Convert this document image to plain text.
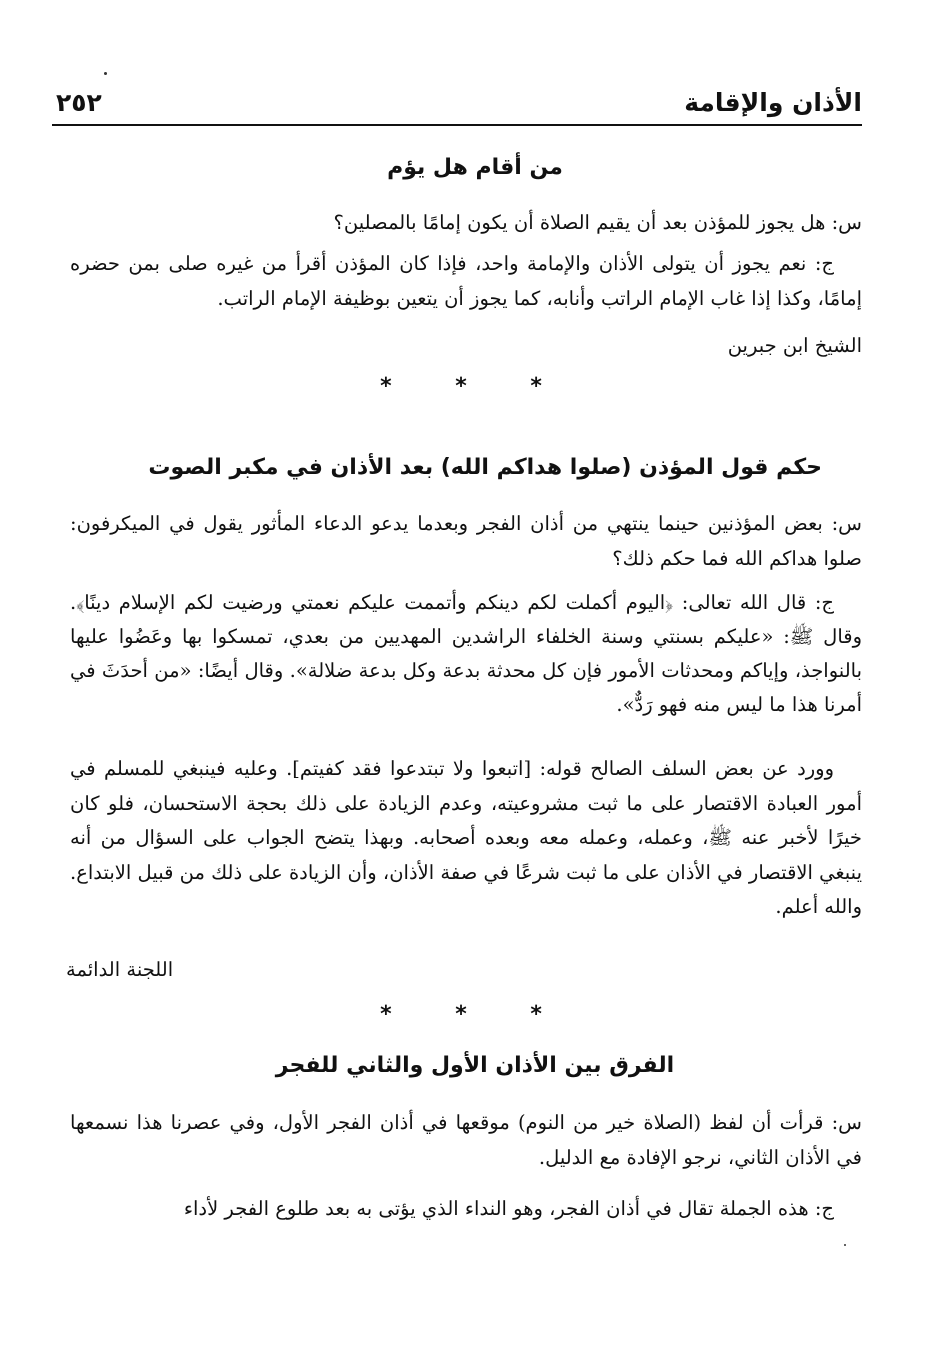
الأذان والإقامة
٢٥٢
من أقام هل يؤم
س: هل يجوز للمؤذن بعد أن يقيم الصلاة أن يكون إمامًا بالمصلين؟
ج: نعم يجوز أن يتولى الأذان والإمامة واحد، فإذا كان المؤذن أقرأ من غيره صلى بمن حضره إمامًا، وكذا إذا غاب الإمام الراتب وأنابه، كما يجوز أن يتعين بوظيفة الإمام الراتب.
الشيخ ابن جبرين
* * *
حكم قول المؤذن (صلوا هداكم الله) بعد الأذان في مكبر الصوت
س: بعض المؤذنين حينما ينتهي من أذان الفجر وبعدما يدعو الدعاء المأثور يقول في الميكرفون: صلوا هداكم الله فما حكم ذلك؟
ج: قال الله تعالى: ﴿اليوم أكملت لكم دينكم وأتممت عليكم نعمتي ورضيت لكم الإسلام دينًا﴾. وقال ﷺ: «عليكم بسنتي وسنة الخلفاء الراشدين المهديين من بعدي، تمسكوا بها وعَضُوا عليها بالنواجذ، وإياكم ومحدثات الأمور فإن كل محدثة بدعة وكل بدعة ضلالة». وقال أيضًا: «من أحدَثَ في أمرنا هذا ما ليس منه فهو رَدٌّ».
وورد عن بعض السلف الصالح قوله: [اتبعوا ولا تبتدعوا فقد كفيتم]. وعليه فينبغي للمسلم في أمور العبادة الاقتصار على ما ثبت مشروعيته، وعدم الزيادة على ذلك بحجة الاستحسان، فلو كان خيرًا لأخبر عنه ﷺ، وعمله، وعمله معه وبعده أصحابه. وبهذا يتضح الجواب على السؤال من أنه ينبغي الاقتصار في الأذان على ما ثبت شرعًا في صفة الأذان، وأن الزيادة على ذلك من قبيل الابتداع. والله أعلم.
اللجنة الدائمة
* * *
الفرق بين الأذان الأول والثاني للفجر
س: قرأت أن لفظ (الصلاة خير من النوم) موقعها في أذان الفجر الأول، وفي عصرنا هذا نسمعها في الأذان الثاني، نرجو الإفادة مع الدليل.
ج: هذه الجملة تقال في أذان الفجر، وهو النداء الذي يؤتى به بعد طلوع الفجر لأداء
